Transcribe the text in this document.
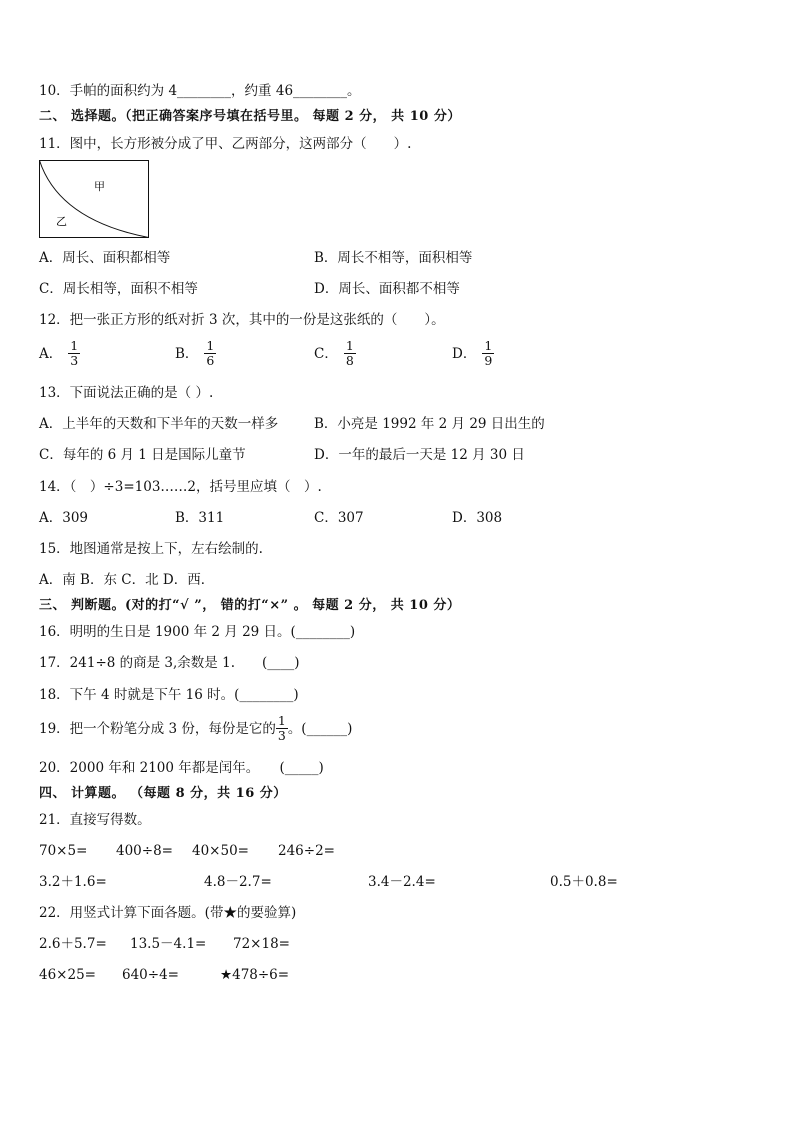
10．手帕的面积约为 4________，约重 46________。
二、 选择题。（把正确答案序号填在括号里。 每题 2 分， 共 10 分）
11．图中，长方形被分成了甲、乙两部分，这两部分（　　）.
甲
乙
A．周长、面积都相等	B．周长不相等，面积相等
C．周长相等，面积不相等	D．周长、面积都不相等
12．把一张正方形的纸对折 3 次，其中的一份是这张纸的（　　）。
A． $\frac{1}{3}$	B． $\frac{1}{6}$	C． $\frac{1}{8}$	D． $\frac{1}{9}$
13．下面说法正确的是（ ）.
A．上半年的天数和下半年的天数一样多	B．小亮是 1992 年 2 月 29 日出生的
C．每年的 6 月 1 日是国际儿童节	D．一年的最后一天是 12 月 30 日
14．（　）÷3=103……2，括号里应填（　）.
A．309	B．311	C．307	D．308
15．地图通常是按上下，左右绘制的.
A．南 B．东 C．北 D．西．
三、 判断题。(对的打“√ ”， 错的打“×” 。 每题 2 分， 共 10 分）
16．明明的生日是 1900 年 2 月 29 日。(________)
17．241÷8 的商是 3,余数是 1.　　(____)
18．下午 4 时就是下午 16 时。(________)
19．把一个粉笔分成 3 份，每份是它的 $\frac{1}{3}$ 。(______)
20．2000 年和 2100 年都是闰年。　　(_____)
四、 计算题。 （每题 8 分，共 16 分）
21．直接写得数。
70×5= 400÷8= 40×50= 246÷2=
3.2＋1.6=	4.8－2.7=	3.4－2.4=	0.5＋0.8=
22．用竖式计算下面各题。(带★的要验算)
2.6＋5.7= 13.5－4.1= 72×18=
46×25= 640÷4=	★478÷6=
